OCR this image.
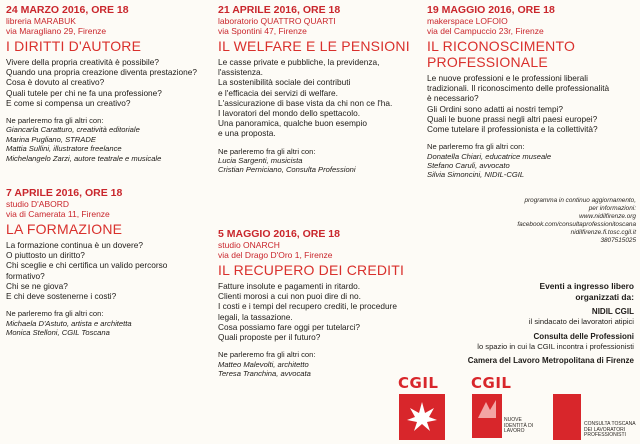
24 MARZO 2016, ORE 18
libreria MARABUK
via Maragliano 29, Firenze
I DIRITTI D'AUTORE
Vivere della propria creatività è possibile?
Quando una propria creazione diventa prestazione?
Cosa è dovuto al creativo?
Quali tutele per chi ne fa una professione?
E come si compensa un creativo?
Ne parleremo fra gli altri con:
Giancarla Caratturo, creatività editoriale
Marina Pugliano, STRADE
Mattia Sullini, illustratore freelance
Michelangelo Zarzi, autore teatrale e musicale
21 APRILE 2016, ORE 18
laboratorio QUATTRO QUARTI
via Spontini 47, Firenze
IL WELFARE E LE PENSIONI
Le casse private e pubbliche, la previdenza,
l'assistenza.
La sostenibilità sociale dei contributi
e l'efficacia dei servizi di welfare.
L'assicurazione di base vista da chi non ce l'ha.
I lavoratori del mondo dello spettacolo.
Una panoramica, qualche buon esempio
e una proposta.
Ne parleremo fra gli altri con:
Lucia Sargenti, musicista
Cristian Perniciano, Consulta Professioni
19 MAGGIO 2016, ORE 18
makerspace LOFOIO
via del Campuccio 23r, Firenze
IL RICONOSCIMENTO
PROFESSIONALE
Le nuove professioni e le professioni liberali
tradizionali. Il riconoscimento delle professionalità
è necessario?
Gli Ordini sono adatti ai nostri tempi?
Quali le buone prassi negli altri paesi europei?
Come tutelare il professionista e la collettività?
Ne parleremo fra gli altri con:
Donatella Chiari, educatrice museale
Stefano Caruli, avvocato
Silvia Simoncini, NIDIL-CGIL
7 APRILE 2016, ORE 18
studio D'ABORD
via di Camerata 11, Firenze
LA FORMAZIONE
La formazione continua è un dovere?
O piuttosto un diritto?
Chi sceglie e chi certifica un valido percorso
formativo?
Chi se ne giova?
E chi deve sostenerne i costi?
Ne parleremo fra gli altri con:
Michaela D'Astuto, artista e architetta
Monica Stelloni, CGIL Toscana
5 MAGGIO 2016, ORE 18
studio ONARCH
via del Drago D'Oro 1, Firenze
IL RECUPERO DEI CREDITI
Fatture insolute e pagamenti in ritardo.
Clienti morosi a cui non puoi dire di no.
I costi e i tempi del recupero crediti, le procedure
legali, la tassazione.
Cosa possiamo fare oggi per tutelarci?
Quali proposte per il futuro?
Ne parleremo fra gli altri con:
Matteo Malevolti, architetto
Teresa Tranchina, avvocata
programma in continuo aggiornamento,
per informazioni:
www.nidilfirenze.org
facebook.com/consultaprofessionitoscana
nidilfirenze.fi.tosc.cgil.it
3807515025
Eventi a ingresso libero
organizzati da:
NIDIL CGIL
il sindacato dei lavoratori atipici
Consulta delle Professioni
lo spazio in cui la CGIL incontra i professionisti
Camera del Lavoro Metropolitana di Firenze
CGIL CGIL
NUOVE IDENTITÀ DI LAVORO
CONSULTA TOSCANA DEI LAVORATORI PROFESSIONISTI
